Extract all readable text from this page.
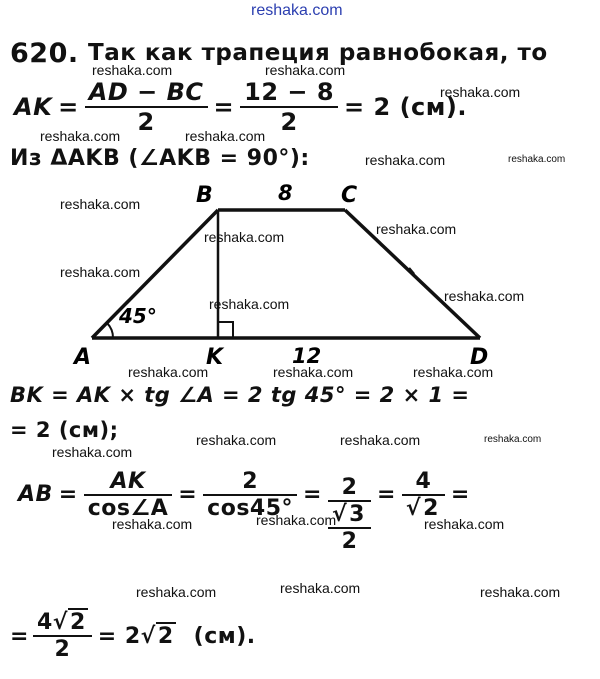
reshaka.com
620. Так как трапеция равнобокая, то
AK = $\frac{AD - BC}{2} = \frac{12 - 8}{2} = 2$ (см).
Из ΔAKB (∠AKB = 90°):
B	C
A	K	D
8
12
45°
BK = AK × tg ∠A = 2 tg 45° = 2 × 1 =
= 2 (см);
AB = $\frac{AK}{\cos\angle A} = \frac{2}{\cos 45^\circ} = 2$
√3
2
= $\frac{4}{√2}$ =
= $\frac{4√2}{2} = 2$ √2 (см).
reshaka.com	reshaka.com
reshaka.com
reshaka.com	reshaka.com
reshaka.com	reshaka.com
reshaka.com
reshaka.com
reshaka.com
reshaka.com
reshaka.com
reshaka.com
reshaka.com	reshaka.com	reshaka.com
reshaka.com	reshaka.com	reshaka.com
reshaka.com
reshaka.com
reshaka.com	reshaka.com
reshaka.com	reshaka.com	reshaka.com
